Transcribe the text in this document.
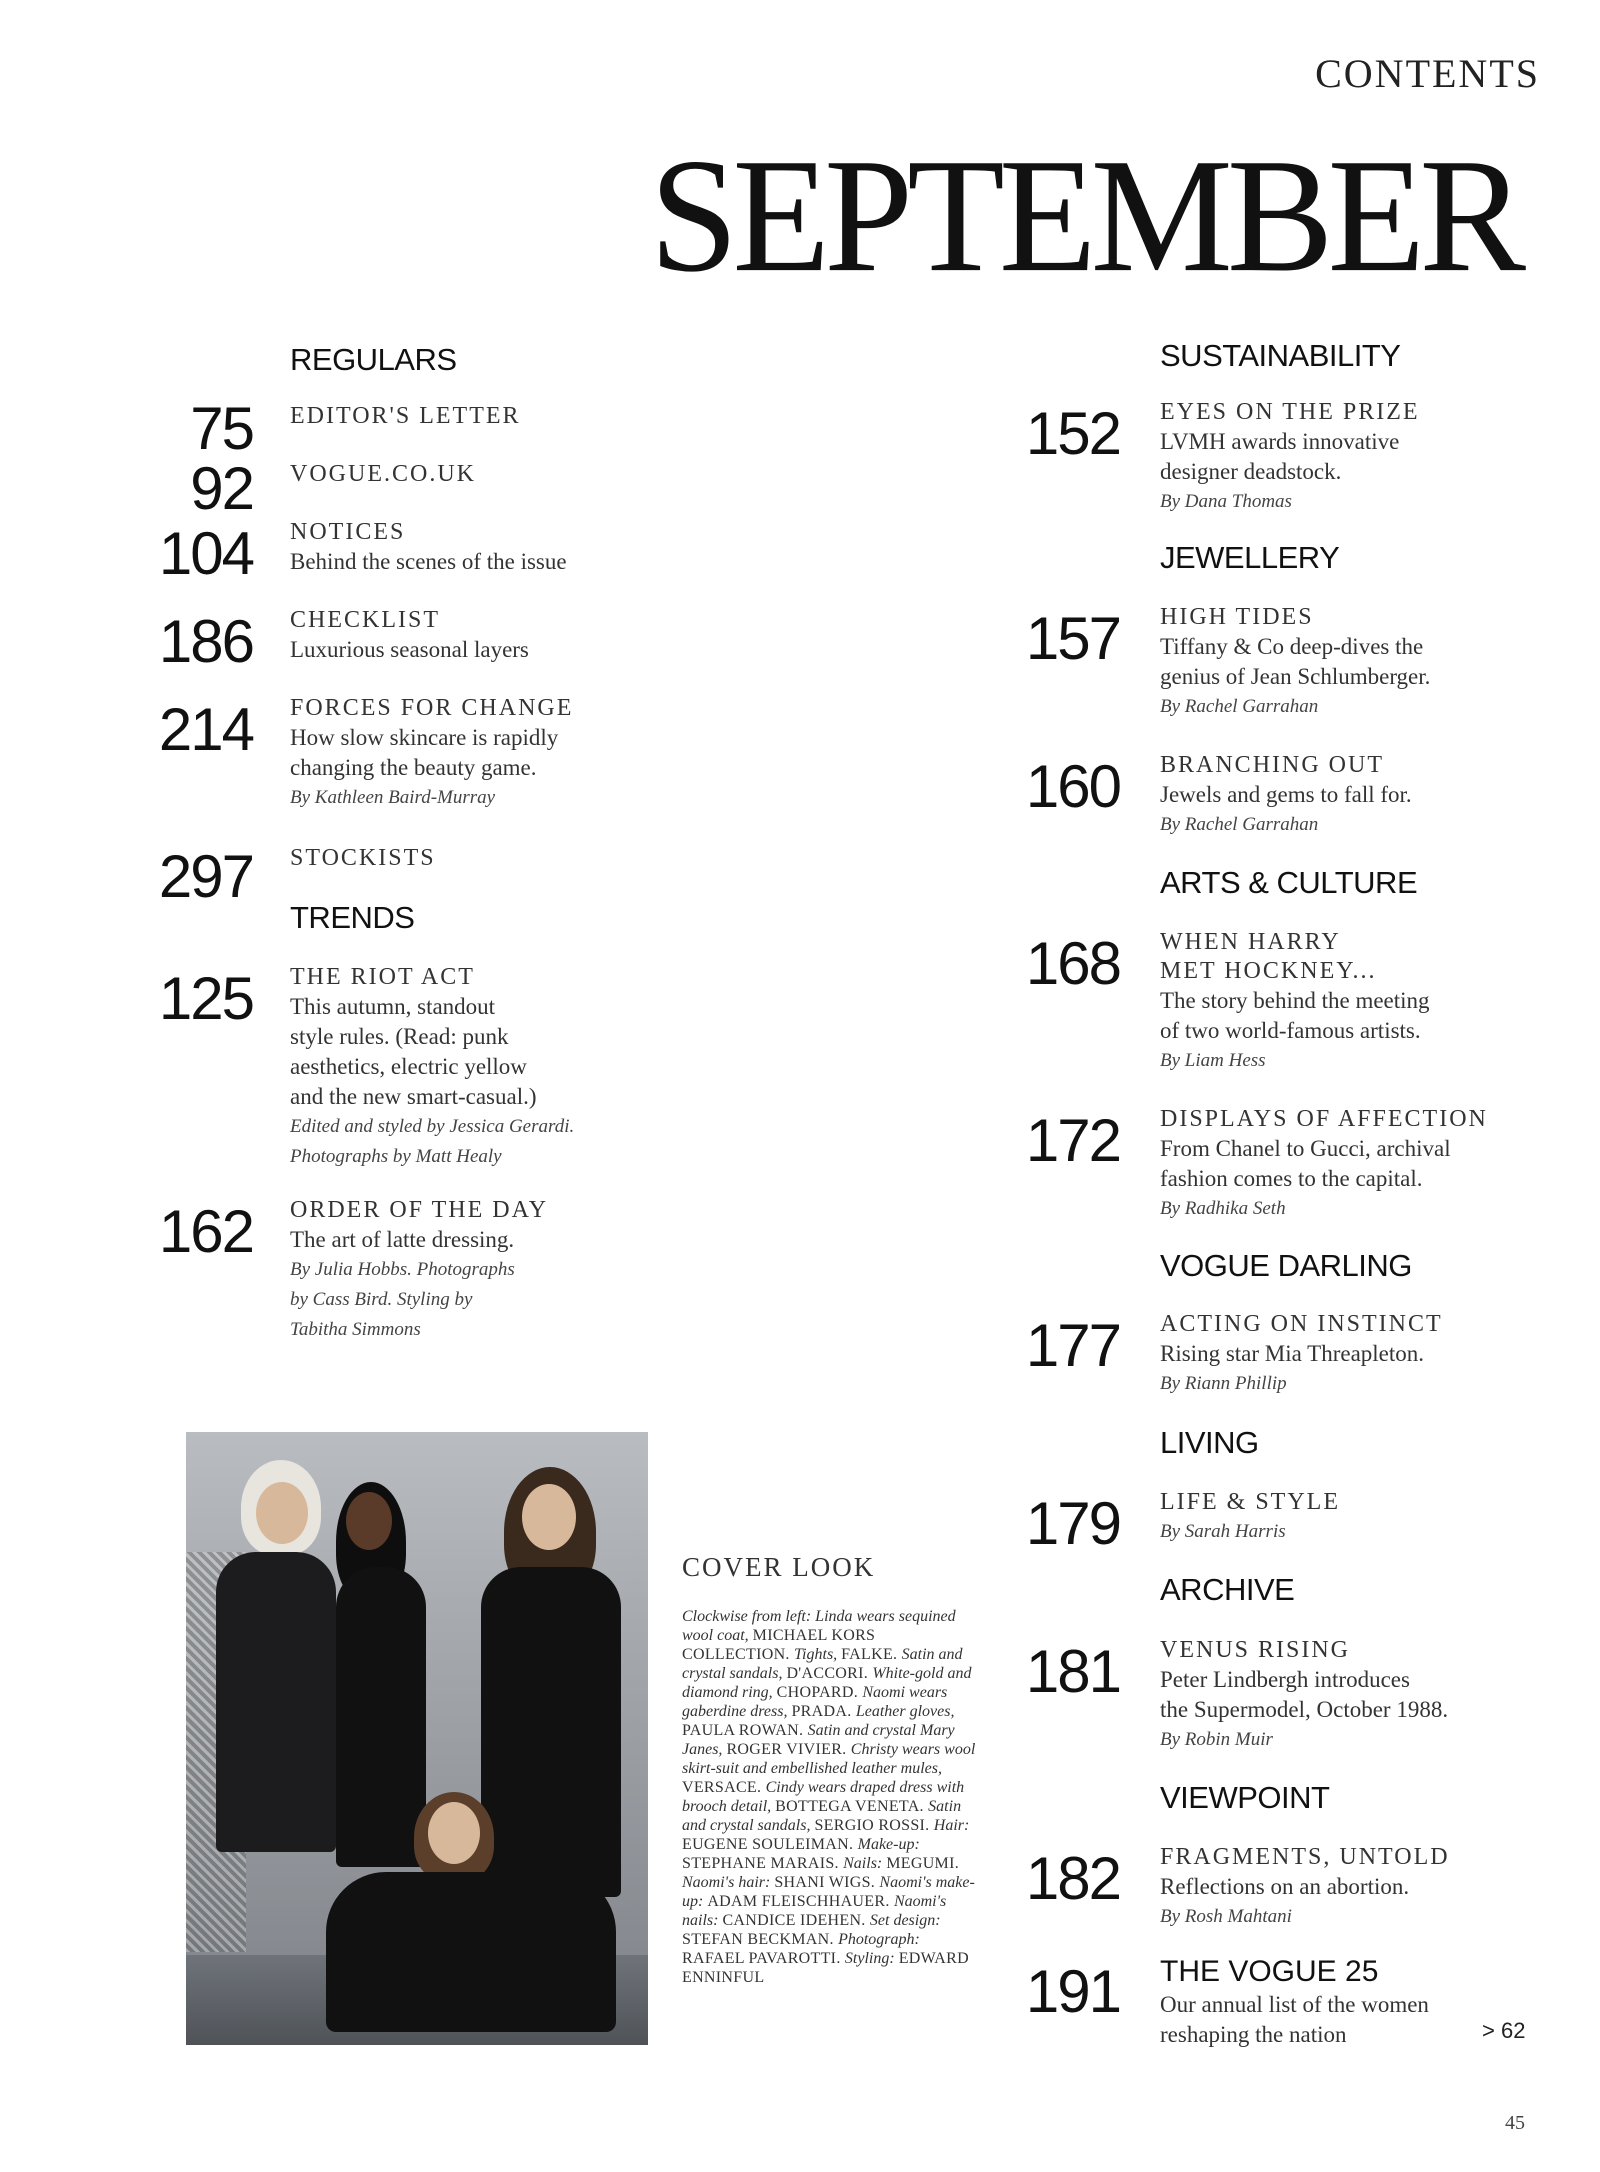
CONTENTS
SEPTEMBER
REGULARS
75 EDITOR'S LETTER
92 VOGUE.CO.UK
104 NOTICES
Behind the scenes of the issue
186 CHECKLIST
Luxurious seasonal layers
214 FORCES FOR CHANGE
How slow skincare is rapidly
changing the beauty game.
By Kathleen Baird-Murray
297 STOCKISTS
TRENDS
125 THE RIOT ACT
This autumn, standout
style rules. (Read: punk
aesthetics, electric yellow
and the new smart-casual.)
Edited and styled by Jessica Gerardi.
Photographs by Matt Healy
162 ORDER OF THE DAY
The art of latte dressing.
By Julia Hobbs. Photographs
by Cass Bird. Styling by
Tabitha Simmons
SUSTAINABILITY
152 EYES ON THE PRIZE
LVMH awards innovative
designer deadstock.
By Dana Thomas
JEWELLERY
157 HIGH TIDES
Tiffany & Co deep-dives the
genius of Jean Schlumberger.
By Rachel Garrahan
160 BRANCHING OUT
Jewels and gems to fall for.
By Rachel Garrahan
ARTS & CULTURE
168 WHEN HARRY
MET HOCKNEY...
The story behind the meeting
of two world-famous artists.
By Liam Hess
172 DISPLAYS OF AFFECTION
From Chanel to Gucci, archival
fashion comes to the capital.
By Radhika Seth
VOGUE DARLING
177 ACTING ON INSTINCT
Rising star Mia Threapleton.
By Riann Phillip
LIVING
179 LIFE & STYLE
By Sarah Harris
ARCHIVE
181 VENUS RISING
Peter Lindbergh introduces
the Supermodel, October 1988.
By Robin Muir
VIEWPOINT
182 FRAGMENTS, UNTOLD
Reflections on an abortion.
By Rosh Mahtani
191 THE VOGUE 25
Our annual list of the women
reshaping the nation
COVER LOOK
Clockwise from left: Linda wears sequined wool coat, MICHAEL KORS COLLECTION. Tights, FALKE. Satin and crystal sandals, D'ACCORI. White-gold and diamond ring, CHOPARD. Naomi wears gaberdine dress, PRADA. Leather gloves, PAULA ROWAN. Satin and crystal Mary Janes, ROGER VIVIER. Christy wears wool skirt-suit and embellished leather mules, VERSACE. Cindy wears draped dress with brooch detail, BOTTEGA VENETA. Satin and crystal sandals, SERGIO ROSSI. Hair: EUGENE SOULEIMAN. Make-up: STEPHANE MARAIS. Nails: MEGUMI. Naomi's hair: SHANI WIGS. Naomi's make-up: ADAM FLEISCHHAUER. Naomi's nails: CANDICE IDEHEN. Set design: STEFAN BECKMAN. Photograph: RAFAEL PAVAROTTI. Styling: EDWARD ENNINFUL
> 62
45
